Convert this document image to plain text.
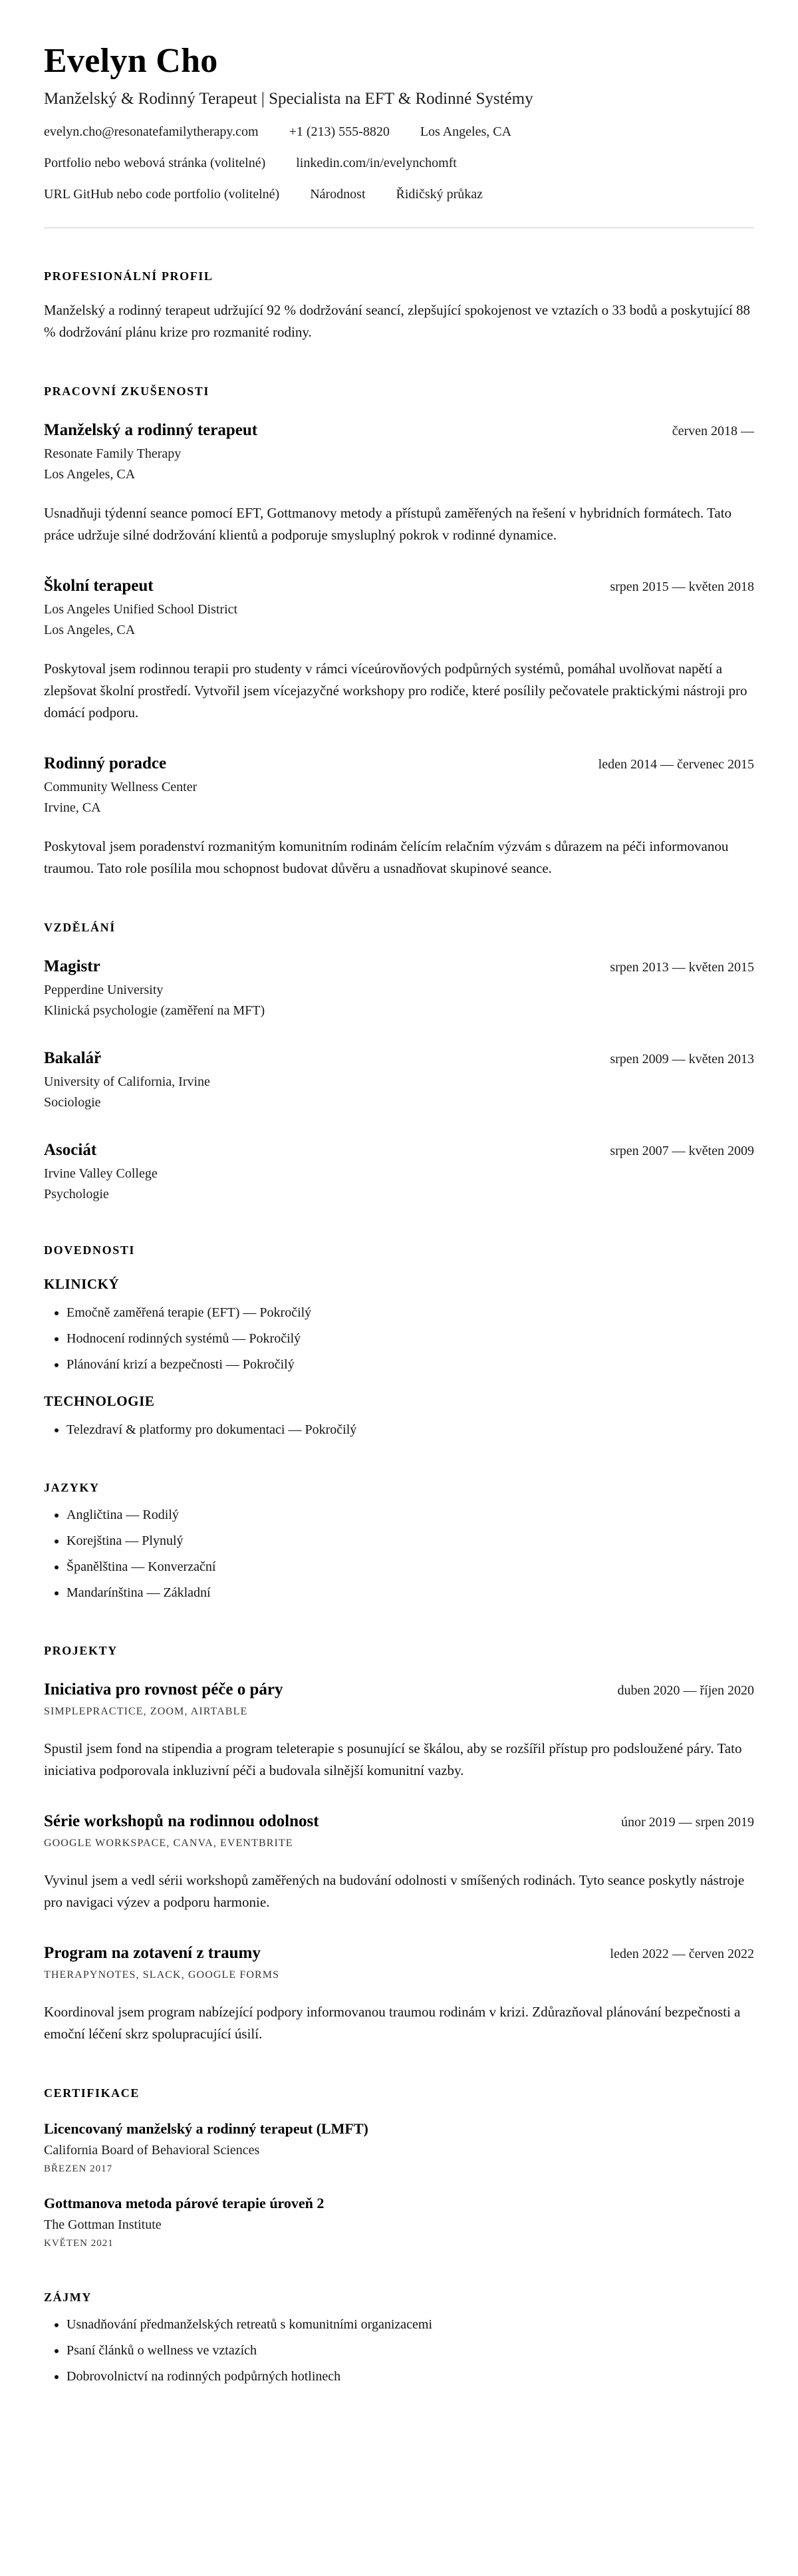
Evelyn Cho

Manželský & Rodinný Terapeut | Specialista na EFT & Rodinné Systémy

evelyn.cho@resonatefamilytherapy.com +1 (213) 555-8820 Los Angeles, CA
Portfolio nebo webová stránka (volitelné) linkedin.com/in/evelynchomft
URL GitHub nebo code portfolio (volitelné) Národnost Řidičský průkaz
PROFESIONÁLNÍ PROFIL

Manželský a rodinný terapeut udržující 92 % dodržování seancí, zlepšující spokojenost ve vztazích o 33 bodů a poskytující 88 % dodržování plánu krize pro rozmanité rodiny.

PRACOVNÍ ZKUŠENOSTI
Manželský a rodinný terapeut	červen 2018 —

Resonate Family Therapy

Los Angeles, CA

Usnadňuji týdenní seance pomocí EFT, Gottmanovy metody a přístupů zaměřených na řešení v hybridních formátech. Tato práce udržuje silné dodržování klientů a podporuje smysluplný pokrok v rodinné dynamice.

Školní terapeut	srpen 2015 — květen 2018

Los Angeles Unified School District

Los Angeles, CA

Poskytoval jsem rodinnou terapii pro studenty v rámci víceúrovňových podpůrných systémů, pomáhal uvolňovat napětí a zlepšovat školní prostředí. Vytvořil jsem vícejazyčné workshopy pro rodiče, které posílily pečovatele praktickými nástroji pro domácí podporu.

Rodinný poradce	leden 2014 — červenec 2015

Community Wellness Center

Irvine, CA

Poskytoval jsem poradenství rozmanitým komunitním rodinám čelícím relačním výzvám s důrazem na péči informovanou traumou. Tato role posílila mou schopnost budovat důvěru a usnadňovat skupinové seance.

VZDĚLÁNÍ
Magistr	srpen 2013 — květen 2015

Pepperdine University

Klinická psychologie (zaměření na MFT)

Bakalář	srpen 2009 — květen 2013

University of California, Irvine

Sociologie

Asociát	srpen 2007 — květen 2009

Irvine Valley College

Psychologie

DOVEDNOSTI
KLINICKÝ
• Emočně zaměřená terapie (EFT) — Pokročilý
• Hodnocení rodinných systémů — Pokročilý
• Plánování krizí a bezpečnosti — Pokročilý
TECHNOLOGIE
• Telezdraví & platformy pro dokumentaci — Pokročilý
JAZYKY
• Angličtina — Rodilý
• Korejština — Plynulý
• Španělština — Konverzační
• Mandarínština — Základní
PROJEKTY
Iniciativa pro rovnost péče o páry	duben 2020 — říjen 2020

SIMPLEPRACTICE, ZOOM, AIRTABLE

Spustil jsem fond na stipendia a program teleterapie s posunující se škálou, aby se rozšířil přístup pro podsloužené páry. Tato iniciativa podporovala inkluzivní péči a budovala silnější komunitní vazby.

Série workshopů na rodinnou odolnost	únor 2019 — srpen 2019

GOOGLE WORKSPACE, CANVA, EVENTBRITE

Vyvinul jsem a vedl sérii workshopů zaměřených na budování odolnosti v smíšených rodinách. Tyto seance poskytly nástroje pro navigaci výzev a podporu harmonie.

Program na zotavení z traumy	leden 2022 — červen 2022

THERAPYNOTES, SLACK, GOOGLE FORMS

Koordinoval jsem program nabízející podpory informovanou traumou rodinám v krizi. Zdůrazňoval plánování bezpečnosti a emoční léčení skrz spolupracující úsilí.

CERTIFIKACE
Licencovaný manželský a rodinný terapeut (LMFT)

California Board of Behavioral Sciences

BŘEZEN 2017

Gottmanova metoda párové terapie úroveň 2

The Gottman Institute

KVĚTEN 2021

ZÁJMY
• Usnadňování předmanželských retreatů s komunitními organizacemi
• Psaní článků o wellness ve vztazích
• Dobrovolnictví na rodinných podpůrných hotlinech
